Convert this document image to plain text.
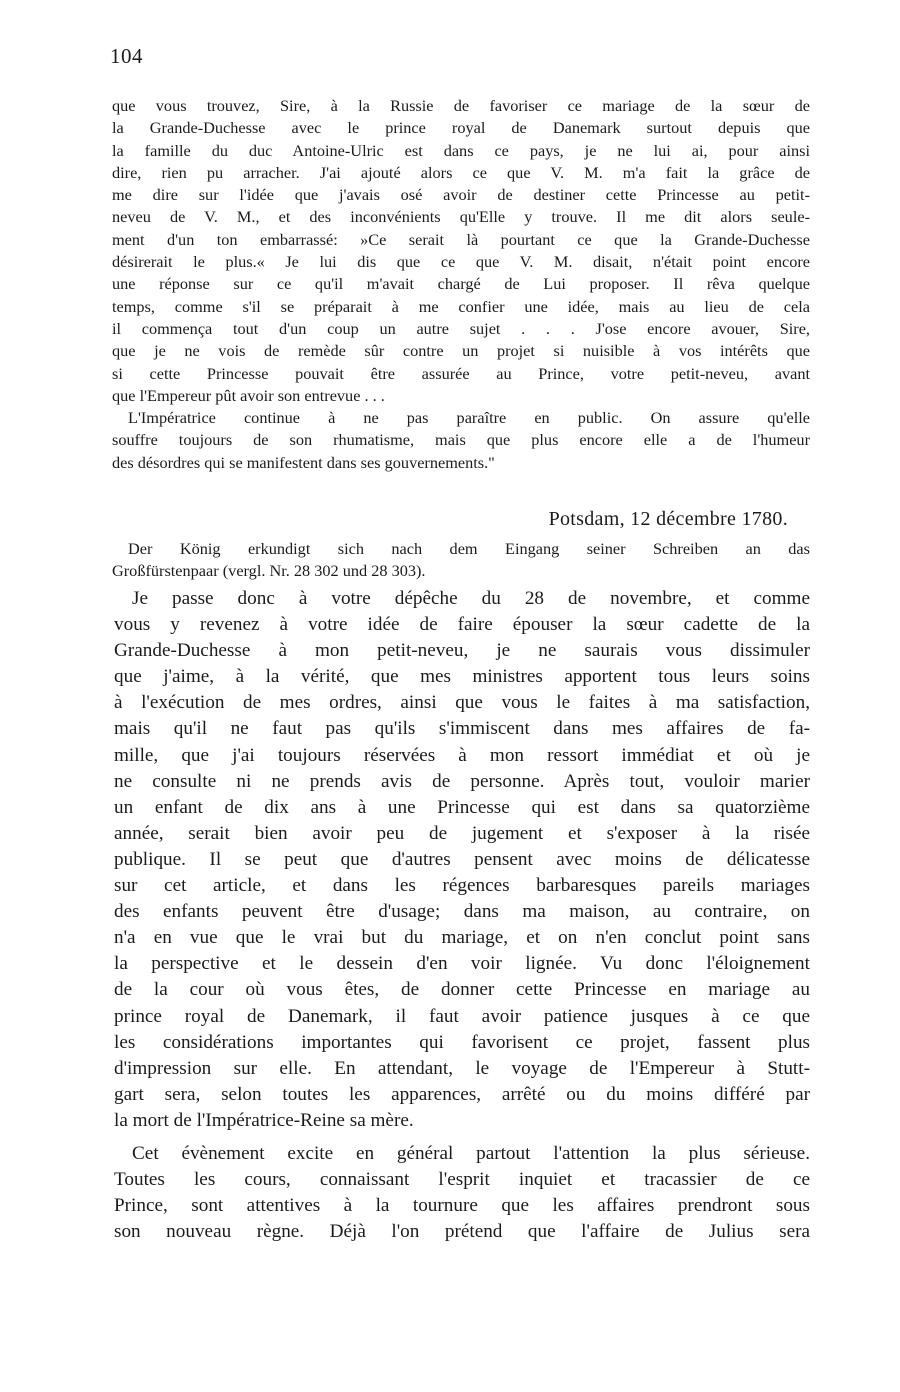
104
que vous trouvez, Sire, à la Russie de favoriser ce mariage de la sœur de
la Grande-Duchesse avec le prince royal de Danemark surtout depuis que
la famille du duc Antoine-Ulric est dans ce pays, je ne lui ai, pour ainsi
dire, rien pu arracher. J'ai ajouté alors ce que V. M. m'a fait la grâce de
me dire sur l'idée que j'avais osé avoir de destiner cette Princesse au petit-
neveu de V. M., et des inconvénients qu'Elle y trouve. Il me dit alors seule-
ment d'un ton embarrassé: »Ce serait là pourtant ce que la Grande-Duchesse
désirerait le plus.« Je lui dis que ce que V. M. disait, n'était point encore
une réponse sur ce qu'il m'avait chargé de Lui proposer. Il rêva quelque
temps, comme s'il se préparait à me confier une idée, mais au lieu de cela
il commença tout d'un coup un autre sujet . . . J'ose encore avouer, Sire,
que je ne vois de remède sûr contre un projet si nuisible à vos intérêts que
si cette Princesse pouvait être assurée au Prince, votre petit-neveu, avant
que l'Empereur pût avoir son entrevue . . .
L'Impératrice continue à ne pas paraître en public. On assure qu'elle
souffre toujours de son rhumatisme, mais que plus encore elle a de l'humeur
des désordres qui se manifestent dans ses gouvernements."
Potsdam, 12 décembre 1780.
Der König erkundigt sich nach dem Eingang seiner Schreiben an das
Großfürstenpaar (vergl. Nr. 28 302 und 28 303).
Je passe donc à votre dépêche du 28 de novembre, et comme
vous y revenez à votre idée de faire épouser la sœur cadette de la
Grande-Duchesse à mon petit-neveu, je ne saurais vous dissimuler
que j'aime, à la vérité, que mes ministres apportent tous leurs soins
à l'exécution de mes ordres, ainsi que vous le faites à ma satisfaction,
mais qu'il ne faut pas qu'ils s'immiscent dans mes affaires de fa-
mille, que j'ai toujours réservées à mon ressort immédiat et où je
ne consulte ni ne prends avis de personne. Après tout, vouloir marier
un enfant de dix ans à une Princesse qui est dans sa quatorzième
année, serait bien avoir peu de jugement et s'exposer à la risée
publique. Il se peut que d'autres pensent avec moins de délicatesse
sur cet article, et dans les régences barbaresques pareils mariages
des enfants peuvent être d'usage; dans ma maison, au contraire, on
n'a en vue que le vrai but du mariage, et on n'en conclut point sans
la perspective et le dessein d'en voir lignée. Vu donc l'éloignement
de la cour où vous êtes, de donner cette Princesse en mariage au
prince royal de Danemark, il faut avoir patience jusques à ce que
les considérations importantes qui favorisent ce projet, fassent plus
d'impression sur elle. En attendant, le voyage de l'Empereur à Stutt-
gart sera, selon toutes les apparences, arrêté ou du moins différé par
la mort de l'Impératrice-Reine sa mère.
Cet évènement excite en général partout l'attention la plus sérieuse.
Toutes les cours, connaissant l'esprit inquiet et tracassier de ce
Prince, sont attentives à la tournure que les affaires prendront sous
son nouveau règne. Déjà l'on prétend que l'affaire de Julius sera
